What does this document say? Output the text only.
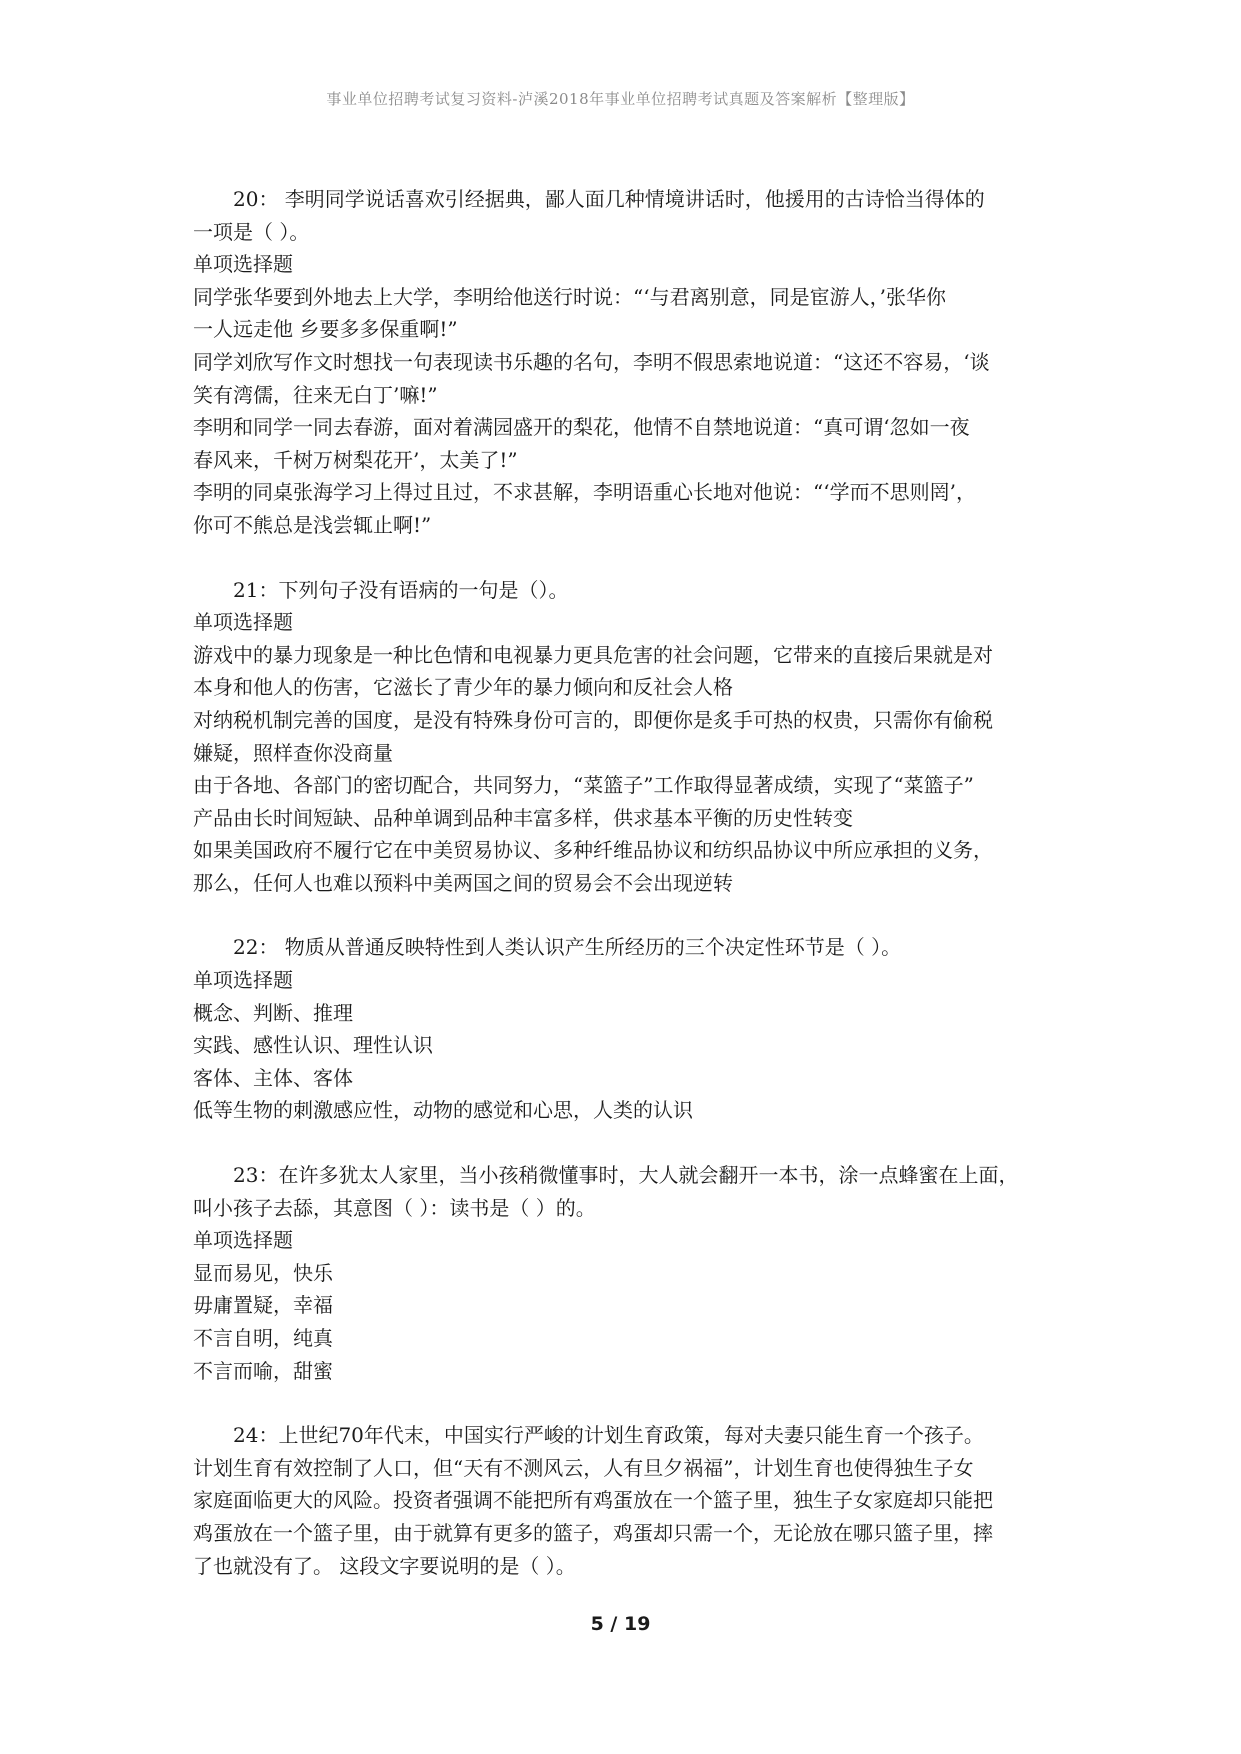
事业单位招聘考试复习资料-泸溪2018年事业单位招聘考试真题及答案解析【整理版】

20： 李明同学说话喜欢引经据典，鄙人面几种情境讲话时，他援用的古诗恰当得体的

一项是（ ）。

单项选择题

同学张华要到外地去上大学，李明给他送行时说：“‘与君离别意，同是宦游人，’张华你

一人远走他 乡要多多保重啊!”

同学刘欣写作文时想找一句表现读书乐趣的名句，李明不假思索地说道：“这还不容易，‘谈

笑有湾儒，往来无白丁’嘛!”

李明和同学一同去春游，面对着满园盛开的梨花，他情不自禁地说道：“真可谓‘忽如一夜

春风来，千树万树梨花开’，太美了!”

李明的同桌张海学习上得过且过，不求甚解，李明语重心长地对他说：“‘学而不思则罔’，

你可不熊总是浅尝辄止啊!”

21：下列句子没有语病的一句是（）。

单项选择题

游戏中的暴力现象是一种比色情和电视暴力更具危害的社会问题，它带来的直接后果就是对

本身和他人的伤害，它滋长了青少年的暴力倾向和反社会人格

对纳税机制完善的国度，是没有特殊身份可言的，即便你是炙手可热的权贵，只需你有偷税

嫌疑，照样查你没商量

由于各地、各部门的密切配合，共同努力，“菜篮子”工作取得显著成绩，实现了“菜篮子”

产品由长时间短缺、品种单调到品种丰富多样，供求基本平衡的历史性转变

如果美国政府不履行它在中美贸易协议、多种纤维品协议和纺织品协议中所应承担的义务，

那么，任何人也难以预料中美两国之间的贸易会不会出现逆转

22： 物质从普通反映特性到人类认识产生所经历的三个决定性环节是（ ）。

单项选择题

概念、判断、推理

实践、感性认识、理性认识

客体、主体、客体

低等生物的刺激感应性，动物的感觉和心思，人类的认识

23：在许多犹太人家里，当小孩稍微懂事时，大人就会翻开一本书，涂一点蜂蜜在上面，

叫小孩子去舔，其意图（ ）：读书是（ ）的。

单项选择题

显而易见，快乐

毋庸置疑，幸福

不言自明，纯真

不言而喻，甜蜜

24：上世纪70年代末，中国实行严峻的计划生育政策，每对夫妻只能生育一个孩子。

计划生育有效控制了人口，但“天有不测风云，人有旦夕祸福”，计划生育也使得独生子女

家庭面临更大的风险。投资者强调不能把所有鸡蛋放在一个篮子里，独生子女家庭却只能把

鸡蛋放在一个篮子里，由于就算有更多的篮子，鸡蛋却只需一个，无论放在哪只篮子里，摔

了也就没有了。 这段文字要说明的是（ ）。

5 / 19
